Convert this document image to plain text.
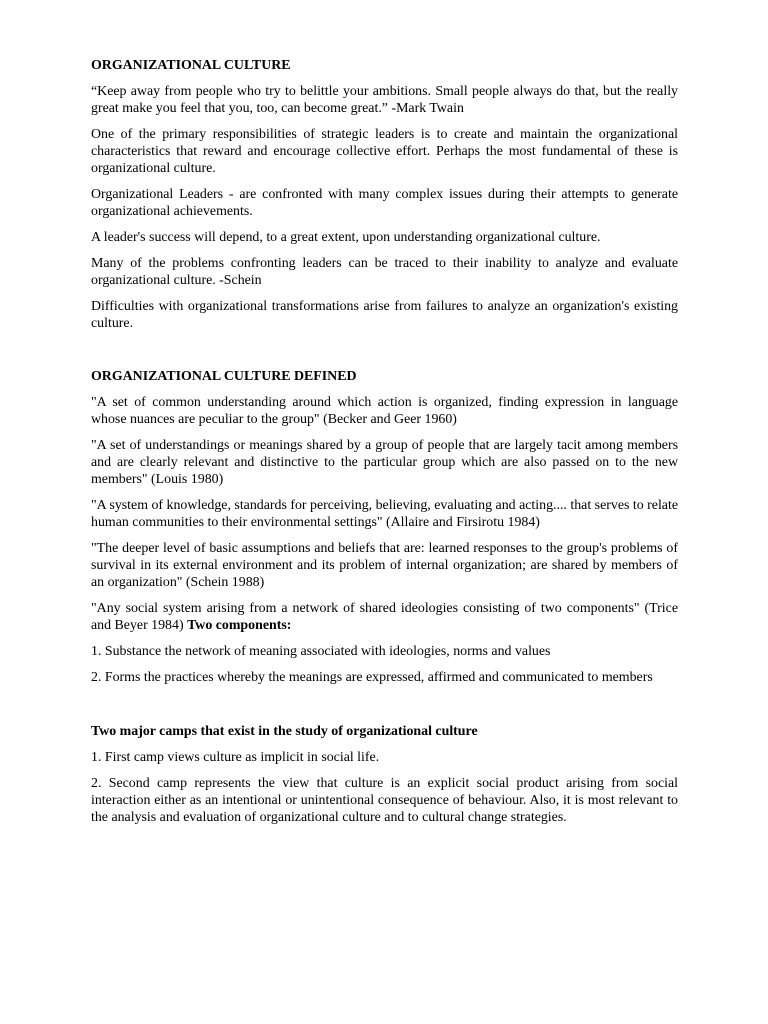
ORGANIZATIONAL CULTURE

“Keep away from people who try to belittle your ambitions. Small people always do that, but the really great make you feel that you, too, can become great.” -Mark Twain

One of the primary responsibilities of strategic leaders is to create and maintain the organizational characteristics that reward and encourage collective effort. Perhaps the most fundamental of these is organizational culture.

Organizational Leaders - are confronted with many complex issues during their attempts to generate organizational achievements.

A leader's success will depend, to a great extent, upon understanding organizational culture.

Many of the problems confronting leaders can be traced to their inability to analyze and evaluate organizational culture. -Schein

Difficulties with organizational transformations arise from failures to analyze an organization's existing culture.

ORGANIZATIONAL CULTURE DEFINED

"A set of common understanding around which action is organized, finding expression in language whose nuances are peculiar to the group" (Becker and Geer 1960)

"A set of understandings or meanings shared by a group of people that are largely tacit among members and are clearly relevant and distinctive to the particular group which are also passed on to the new members" (Louis 1980)

"A system of knowledge, standards for perceiving, believing, evaluating and acting.... that serves to relate human communities to their environmental settings" (Allaire and Firsirotu 1984)

"The deeper level of basic assumptions and beliefs that are: learned responses to the group's problems of survival in its external environment and its problem of internal organization; are shared by members of an organization" (Schein 1988)

"Any social system arising from a network of shared ideologies consisting of two components" (Trice and Beyer 1984) Two components:

1. Substance the network of meaning associated with ideologies, norms and values

2. Forms the practices whereby the meanings are expressed, affirmed and communicated to members

Two major camps that exist in the study of organizational culture

1. First camp views culture as implicit in social life.

2. Second camp represents the view that culture is an explicit social product arising from social interaction either as an intentional or unintentional consequence of behaviour. Also, it is most relevant to the analysis and evaluation of organizational culture and to cultural change strategies.
